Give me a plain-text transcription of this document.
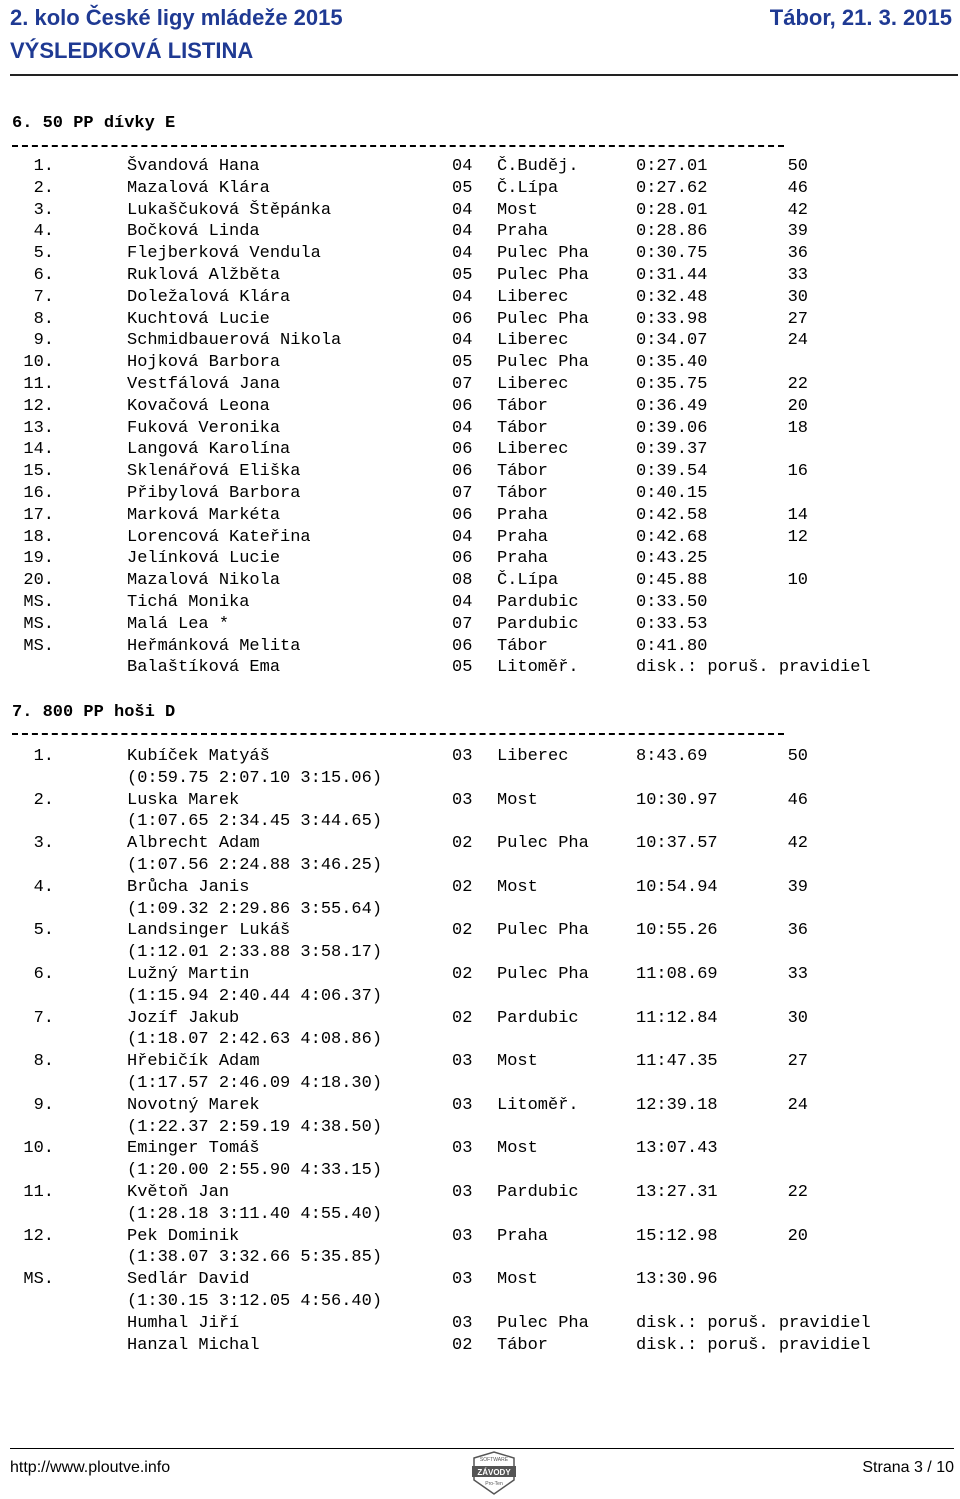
2. kolo České ligy mládeže 2015
VÝSLEDKOVÁ LISTINA
Tábor, 21. 3. 2015
6. 50 PP dívky E
1.	Švandová Hana	04 Č.Buděj.	0:27.01	50
2.	Mazalová Klára	05 Č.Lípa	0:27.62	46
3.	Lukaščuková Štěpánka	04 Most	0:28.01	42
4.	Bočková Linda	04 Praha	0:28.86	39
5.	Flejberková Vendula	04 Pulec Pha	0:30.75	36
6.	Ruklová Alžběta	05 Pulec Pha	0:31.44	33
7.	Doležalová Klára	04 Liberec	0:32.48	30
8.	Kuchtová Lucie	06 Pulec Pha	0:33.98	27
9.	Schmidbauerová Nikola	04 Liberec	0:34.07	24
10.	Hojková Barbora	05 Pulec Pha	0:35.40
11.	Vestfálová Jana	07 Liberec	0:35.75	22
12.	Kovačová Leona	06 Tábor	0:36.49	20
13.	Fuková Veronika	04 Tábor	0:39.06	18
14.	Langová Karolína	06 Liberec	0:39.37
15.	Sklenářová Eliška	06 Tábor	0:39.54	16
16.	Přibylová Barbora	07 Tábor	0:40.15
17.	Marková Markéta	06 Praha	0:42.58	14
18.	Lorencová Kateřina	04 Praha	0:42.68	12
19.	Jelínková Lucie	06 Praha	0:43.25
20.	Mazalová Nikola	08 Č.Lípa	0:45.88	10
MS.	Tichá Monika	04 Pardubic	0:33.50
MS.	Malá Lea *	07 Pardubic	0:33.53
MS.	Heřmánková Melita	06 Tábor	0:41.80
Balaštíková Ema	05 Litoměř.	disk.: poruš. pravidiel
7. 800 PP hoši D
1.	Kubíček Matyáš	03 Liberec	8:43.69	50
(0:59.75 2:07.10 3:15.06)
2.	Luska Marek	03 Most	10:30.97	46
(1:07.65 2:34.45 3:44.65)
3.	Albrecht Adam	02 Pulec Pha	10:37.57	42
(1:07.56 2:24.88 3:46.25)
4.	Brůcha Janis	02 Most	10:54.94	39
(1:09.32 2:29.86 3:55.64)
5.	Landsinger Lukáš	02 Pulec Pha	10:55.26	36
(1:12.01 2:33.88 3:58.17)
6.	Lužný Martin	02 Pulec Pha	11:08.69	33
(1:15.94 2:40.44 4:06.37)
7.	Jozíf Jakub	02 Pardubic	11:12.84	30
(1:18.07 2:42.63 4:08.86)
8.	Hřebičík Adam	03 Most	11:47.35	27
(1:17.57 2:46.09 4:18.30)
9.	Novotný Marek	03 Litoměř.	12:39.18	24
(1:22.37 2:59.19 4:38.50)
10.	Eminger Tomáš	03 Most	13:07.43
(1:20.00 2:55.90 4:33.15)
11.	Květoň Jan	03 Pardubic	13:27.31	22
(1:28.18 3:11.40 4:55.40)
12.	Pek Dominik	03 Praha	15:12.98	20
(1:38.07 3:32.66 5:35.85)
MS.	Sedlár David	03 Most	13:30.96
(1:30.15 3:12.05 4:56.40)
Humhal Jiří	03 Pulec Pha	disk.: poruš. pravidiel
Hanzal Michal	02 Tábor	disk.: poruš. pravidiel
http://www.ploutve.info	SOFTWARE
ZÁVODY
Pro-Ten
Strana 3 / 10
